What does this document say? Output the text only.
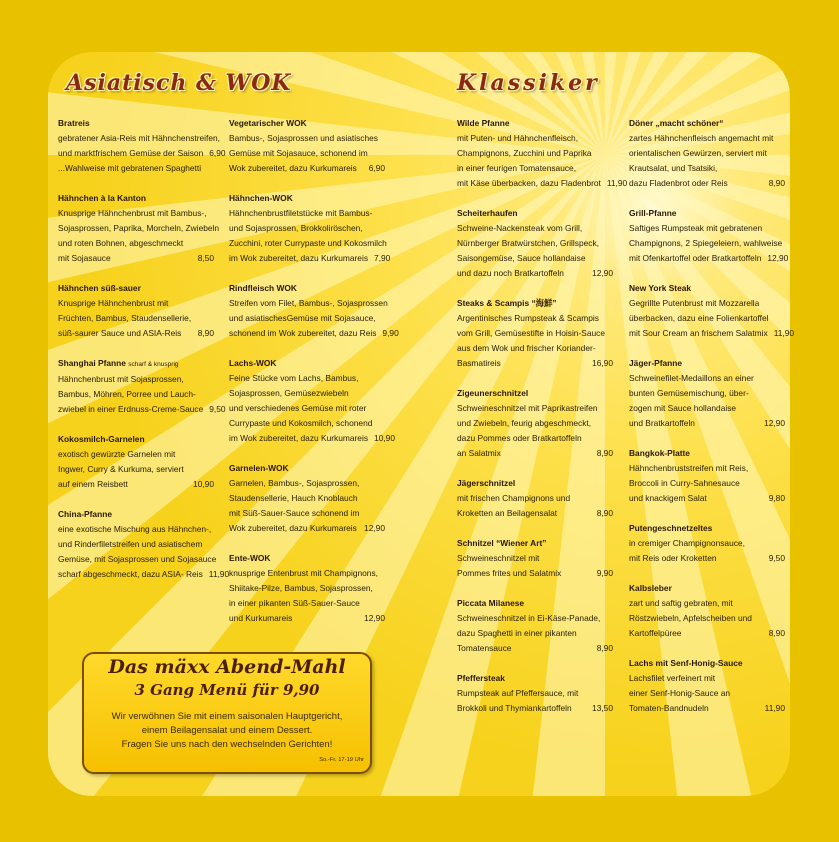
Asiatisch & WOK	Klassiker
Bratreis
gebratener Asia-Reis mit Hähnchenstreifen,
und marktfrischem Gemüse der Saison 6,90
...Wahlweise mit gebratenen Spaghetti
Hähnchen à la Kanton
Knusprige Hähnchenbrust mit Bambus-,
Sojasprossen, Paprika, Morcheln, Zwiebeln
und roten Bohnen, abgeschmeckt
mit Sojasauce	8,50
Hähnchen süß-sauer
Knusprige Hähnchenbrust mit
Früchten, Bambus, Staudensellerie,
süß-saurer Sauce und ASIA-Reis	8,90
Shanghai Pfanne scharf & knusprig
Hähnchenbrust mit Sojasprossen,
Bambus, Möhren, Porree und Lauch-
zwiebel in einer Erdnuss-Creme-Sauce 9,50
Kokosmilch-Garnelen
exotisch gewürzte Garnelen mit
Ingwer, Curry & Kurkuma, serviert
auf einem Reisbett	10,90
China-Pfanne
eine exotische Mischung aus Hähnchen-,
und Rinderfiletstreifen und asiatischem
Gemüse, mit Sojasprossen und Sojasauce
scharf abgeschmeckt, dazu ASIA- Reis 11,90
Vegetarischer WOK
Bambus-, Sojasprossen und asiatisches
Gemüse mit Sojasauce, schonend im
Wok zubereitet, dazu Kurkumareis	6,90
Hähnchen-WOK
Hähnchenbrustfiletstücke mit Bambus-
und Sojasprossen, Brokkoliröschen,
Zucchini, roter Currypaste und Kokosmilch
im Wok zubereitet, dazu Kurkumareis 7,90
Rindfleisch WOK
Streifen vom Filet, Bambus-, Sojasprossen
und asiatischesGemüse mit Sojasauce,
schonend im Wok zubereitet, dazu Reis 9,90
Lachs-WOK
Feine Stücke vom Lachs, Bambus,
Sojasprossen, Gemüsezwiebeln
und verschiedenes Gemüse mit roter
Currypaste und Kokosmilch, schonend
im Wok zubereitet, dazu Kurkumareis 10,90
Garnelen-WOK
Garnelen, Bambus-, Sojasprossen,
Staudensellerie, Hauch Knoblauch
mit Süß-Sauer-Sauce schonend im
Wok zubereitet, dazu Kurkumareis 12,90
Ente-WOK
knusprige Entenbrust mit Champignons,
Shiitake-Pilze, Bambus, Sojasprossen,
in einer pikanten Süß-Sauer-Sauce
und Kurkumareis	12,90
Wilde Pfanne
mit Puten- und Hähnchenfleisch,
Champignons, Zucchini und Paprika
in einer feurigen Tomatensauce,
mit Käse überbacken, dazu Fladenbrot 11,90
Scheiterhaufen
Schweine-Nackensteak vom Grill,
Nürnberger Bratwürstchen, Grillspeck,
Saisongemüse, Sauce hollandaise
und dazu noch Bratkartoffeln	12,90
Steaks & Scampis “海鮮”
Argentinisches Rumpsteak & Scampis
vom Grill, Gemüsestifte in Hoisin-Sauce
aus dem Wok und frischer Koriander-
Basmatireis	16,90
Zigeunerschnitzel
Schweineschnitzel mit Paprikastreifen
und Zwiebeln, feurig abgeschmeckt,
dazu Pommes oder Bratkartoffeln
an Salatmix	8,90
Jägerschnitzel
mit frischen Champignons und
Kroketten an Beilagensalat	8,90
Schnitzel “Wiener Art”
Schweineschnitzel mit
Pommes frites und Salatmix	9,90
Piccata Milanese
Schweineschnitzel in Ei-Käse-Panade,
dazu Spaghetti in einer pikanten
Tomatensauce	8,90
Pfeffersteak
Rumpsteak auf Pfeffersauce, mit
Brokkoli und Thymiankartoffeln	13,50
Döner „macht schöner“
zartes Hähnchenfleisch angemacht mit
orientalischen Gewürzen, serviert mit
Krautsalat, und Tsatsiki,
dazu Fladenbrot oder Reis	8,90
Grill-Pfanne
Saftiges Rumpsteak mit gebratenen
Champignons, 2 Spiegeleiern, wahlweise
mit Ofenkartoffel oder Bratkartoffeln 12,90
New York Steak
Gegrillte Putenbrust mit Mozzarella
überbacken, dazu eine Folienkartoffel
mit Sour Cream an frischem Salatmix 11,90
Jäger-Pfanne
Schweinefilet-Medaillons an einer
bunten Gemüsemischung, über-
zogen mit Sauce hollandaise
und Bratkartoffeln	12,90
Bangkok-Platte
Hähnchenbruststreifen mit Reis,
Broccoli in Curry-Sahnesauce
und knackigem Salat	9,80
Putengeschnetzeltes
in cremiger Champignonsauce,
mit Reis oder Kroketten	9,50
Kalbsleber
zart und saftig gebraten, mit
Röstzwiebeln, Apfelscheiben und
Kartoffelpüree	8,90
Lachs mit Senf-Honig-Sauce
Lachsfilet verfeinert mit
einer Senf-Honig-Sauce an
Tomaten-Bandnudeln	11,90
Das mäxx Abend-Mahl
3 Gang Menü für 9,90
Wir verwöhnen Sie mit einem saisonalen Hauptgericht,
einem Beilagensalat und einem Dessert.
Fragen Sie uns nach den wechselnden Gerichten!
So.-Fr. 17-19 Uhr
